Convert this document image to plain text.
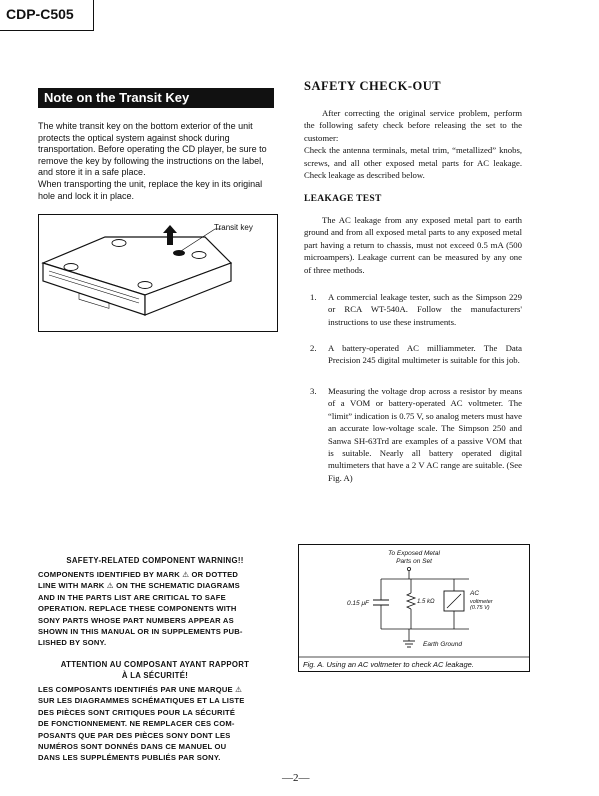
CDP-C505
Note on the Transit Key

The white transit key on the bottom exterior of the unit protects the optical system against shock during transportation. Before operating the CD player, be sure to remove the key by following the instructions on the label, and store it in a safe place.

When transporting the unit, replace the key in its original hole and lock it in place.

Transit key
SAFETY CHECK-OUT

After correcting the original service problem, perform the following safety check before releasing the set to the customer:

Check the antenna terminals, metal trim, “metallized” knobs, screws, and all other exposed metal parts for AC leakage. Check leakage as described below.

LEAKAGE TEST

The AC leakage from any exposed metal part to earth ground and from all exposed metal parts to any exposed metal part having a return to chassis, must not exceed 0.5 mA (500 microampers). Leakage current can be measured by any one of three methods.

1. A commercial leakage tester, such as the Simpson 229 or RCA WT-540A. Follow the manufacturers' instructions to use these instruments.
2. A battery-operated AC milliammeter. The Data Precision 245 digital multimeter is suitable for this job.
3. Measuring the voltage drop across a resistor by means of a VOM or battery-operated AC voltmeter. The “limit” indication is 0.75 V, so analog meters must have an accurate low-voltage scale. The Simpson 250 and Sanwa SH-63Trd are examples of a passive VOM that is suitable. Nearly all battery operated digital multimeters that have a 2 V AC range are suitable. (See Fig. A)
To Exposed Metal
Parts on Set
0.15 μF	1.5 kΩ
AC
voltmeter
(0.75 V)
Earth Ground
Fig. A. Using an AC voltmeter to check AC leakage.
SAFETY-RELATED COMPONENT WARNING!!
COMPONENTS IDENTIFIED BY MARK ⚠ OR DOTTED
LINE WITH MARK ⚠ ON THE SCHEMATIC DIAGRAMS
AND IN THE PARTS LIST ARE CRITICAL TO SAFE
OPERATION. REPLACE THESE COMPONENTS WITH
SONY PARTS WHOSE PART NUMBERS APPEAR AS
SHOWN IN THIS MANUAL OR IN SUPPLEMENTS PUB-
LISHED BY SONY.
ATTENTION AU COMPOSANT AYANT RAPPORT
À LA SÉCURITÉ!
LES COMPOSANTS IDENTIFIÉS PAR UNE MARQUE ⚠
SUR LES DIAGRAMMES SCHÉMATIQUES ET LA LISTE
DES PIÈCES SONT CRITIQUES POUR LA SÉCURITÉ
DE FONCTIONNEMENT. NE REMPLACER CES COM-
POSANTS QUE PAR DES PIÈCES SONY DONT LES
NUMÉROS SONT DONNÉS DANS CE MANUEL OU
DANS LES SUPPLÉMENTS PUBLIÉS PAR SONY.
—2—
